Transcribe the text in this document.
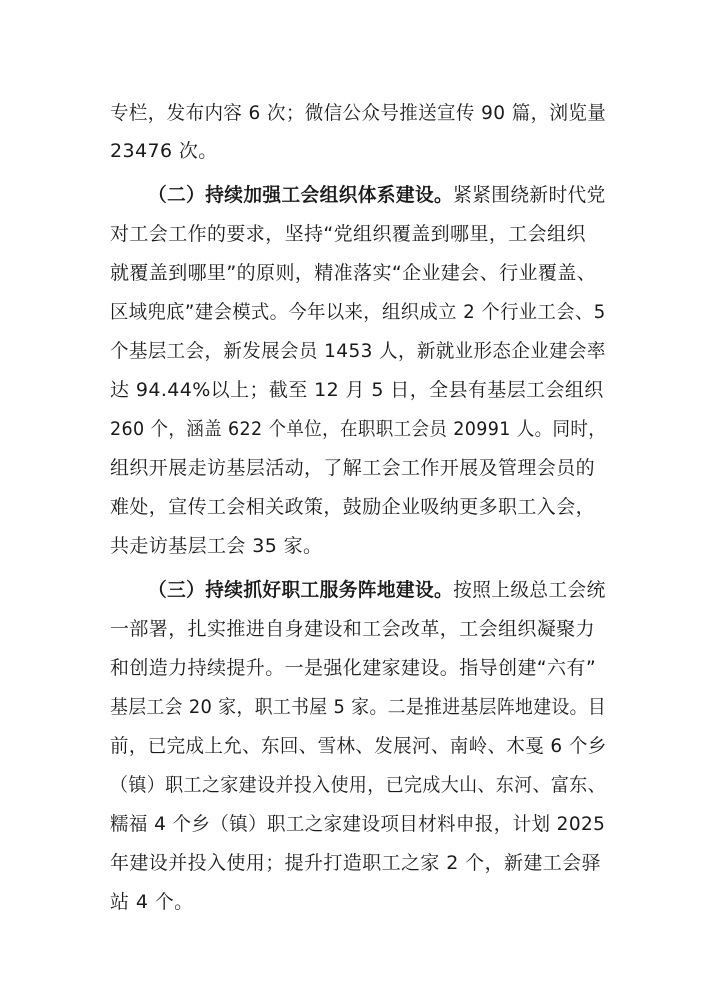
专栏，发布内容 6 次；微信公众号推送宣传 90 篇，浏览量
23476 次。
（二）持续加强工会组织体系建设。紧紧围绕新时代党
对工会工作的要求，坚持“党组织覆盖到哪里，工会组织
就覆盖到哪里”的原则，精准落实“企业建会、行业覆盖、
区域兜底”建会模式。今年以来，组织成立 2 个行业工会、5
个基层工会，新发展会员 1453 人，新就业形态企业建会率
达 94.44%以上；截至 12 月 5 日，全县有基层工会组织
260 个，涵盖 622 个单位，在职职工会员 20991 人。同时，
组织开展走访基层活动，了解工会工作开展及管理会员的
难处，宣传工会相关政策，鼓励企业吸纳更多职工入会，
共走访基层工会 35 家。
（三）持续抓好职工服务阵地建设。按照上级总工会统
一部署，扎实推进自身建设和工会改革，工会组织凝聚力
和创造力持续提升。一是强化建家建设。指导创建“六有”
基层工会 20 家，职工书屋 5 家。二是推进基层阵地建设。目
前，已完成上允、东回、雪林、发展河、南岭、木戛 6 个乡
（镇）职工之家建设并投入使用，已完成大山、东河、富东、
糯福 4 个乡（镇）职工之家建设项目材料申报，计划 2025
年建设并投入使用；提升打造职工之家 2 个，新建工会驿
站 4 个。
